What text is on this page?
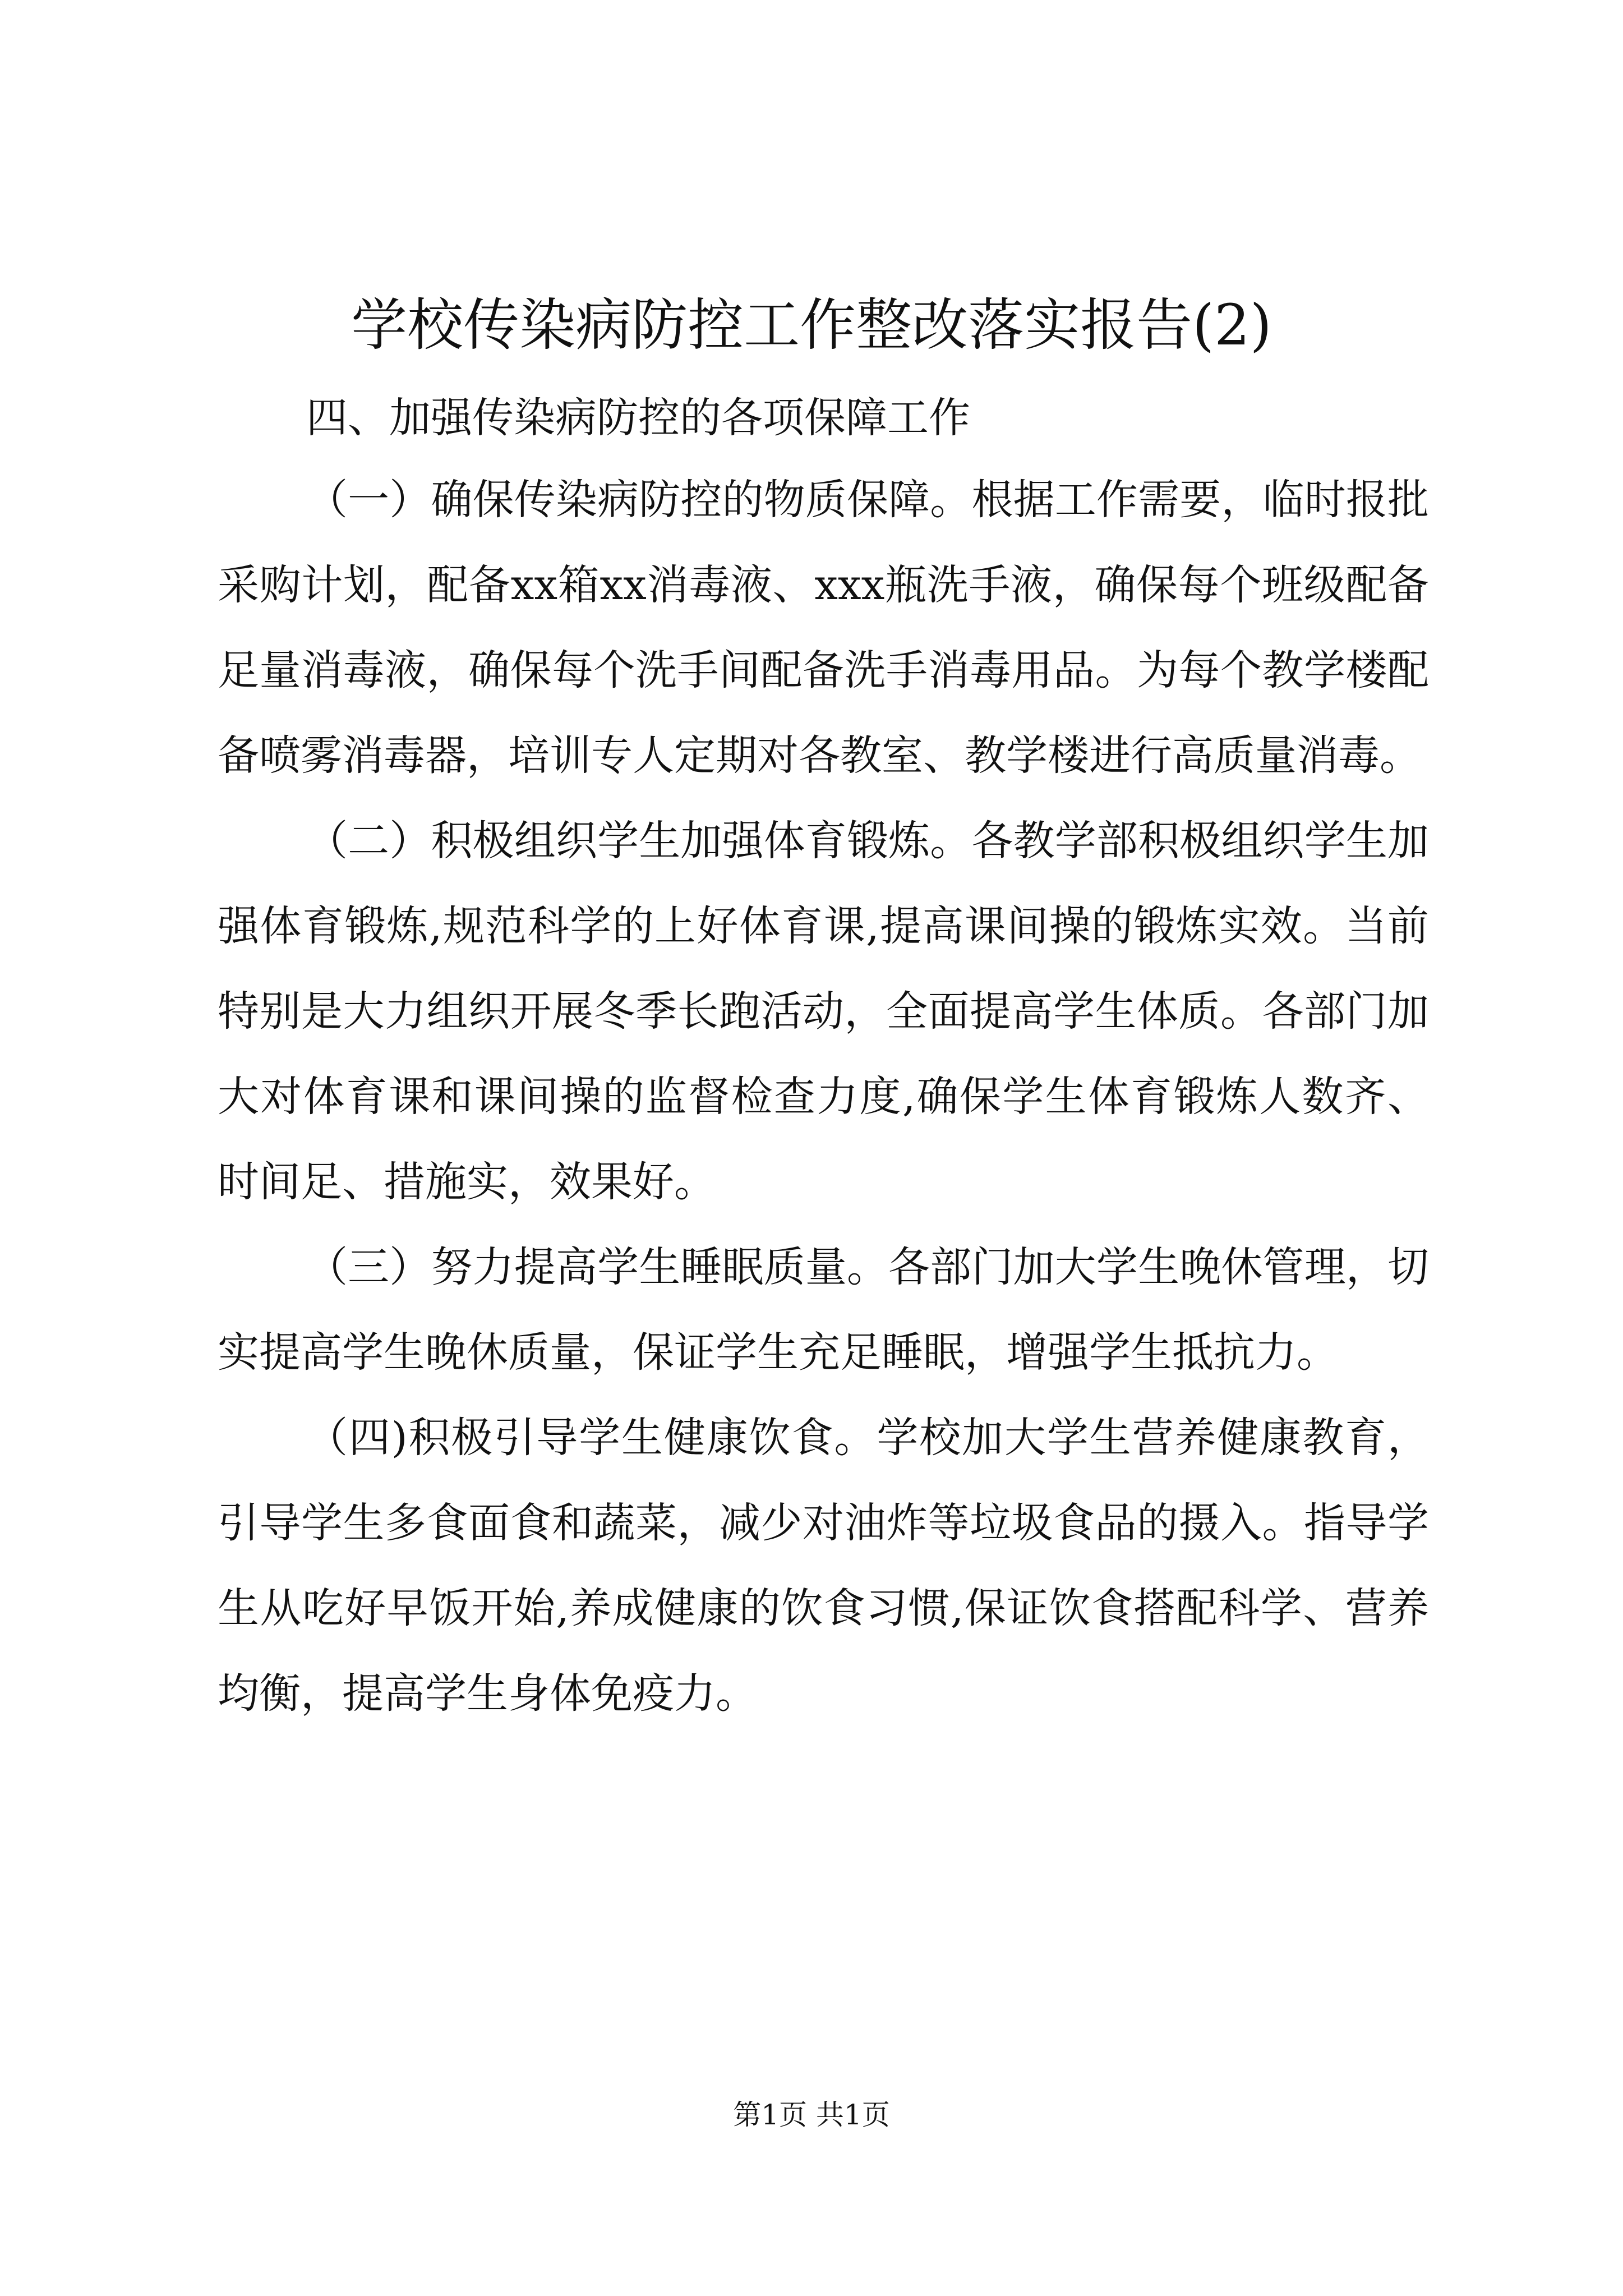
学校传染病防控工作整改落实报告(2)

四、加强传染病防控的各项保障工作

（一）确保传染病防控的物质保障。根据工作需要，临时报批采购计划，配备xx箱xx消毒液、xxx瓶洗手液，确保每个班级配备足量消毒液，确保每个洗手间配备洗手消毒用品。为每个教学楼配备喷雾消毒器，培训专人定期对各教室、教学楼进行高质量消毒。

（二）积极组织学生加强体育锻炼。各教学部积极组织学生加强体育锻炼,规范科学的上好体育课,提高课间操的锻炼实效。当前特别是大力组织开展冬季长跑活动，全面提高学生体质。各部门加大对体育课和课间操的监督检查力度,确保学生体育锻炼人数齐、时间足、措施实，效果好。

（三）努力提高学生睡眠质量。各部门加大学生晚休管理，切实提高学生晚休质量，保证学生充足睡眠，增强学生抵抗力。

（四)积极引导学生健康饮食。学校加大学生营养健康教育，引导学生多食面食和蔬菜，减少对油炸等垃圾食品的摄入。指导学生从吃好早饭开始,养成健康的饮食习惯,保证饮食搭配科学、营养均衡，提高学生身体免疫力。

第1页 共1页
